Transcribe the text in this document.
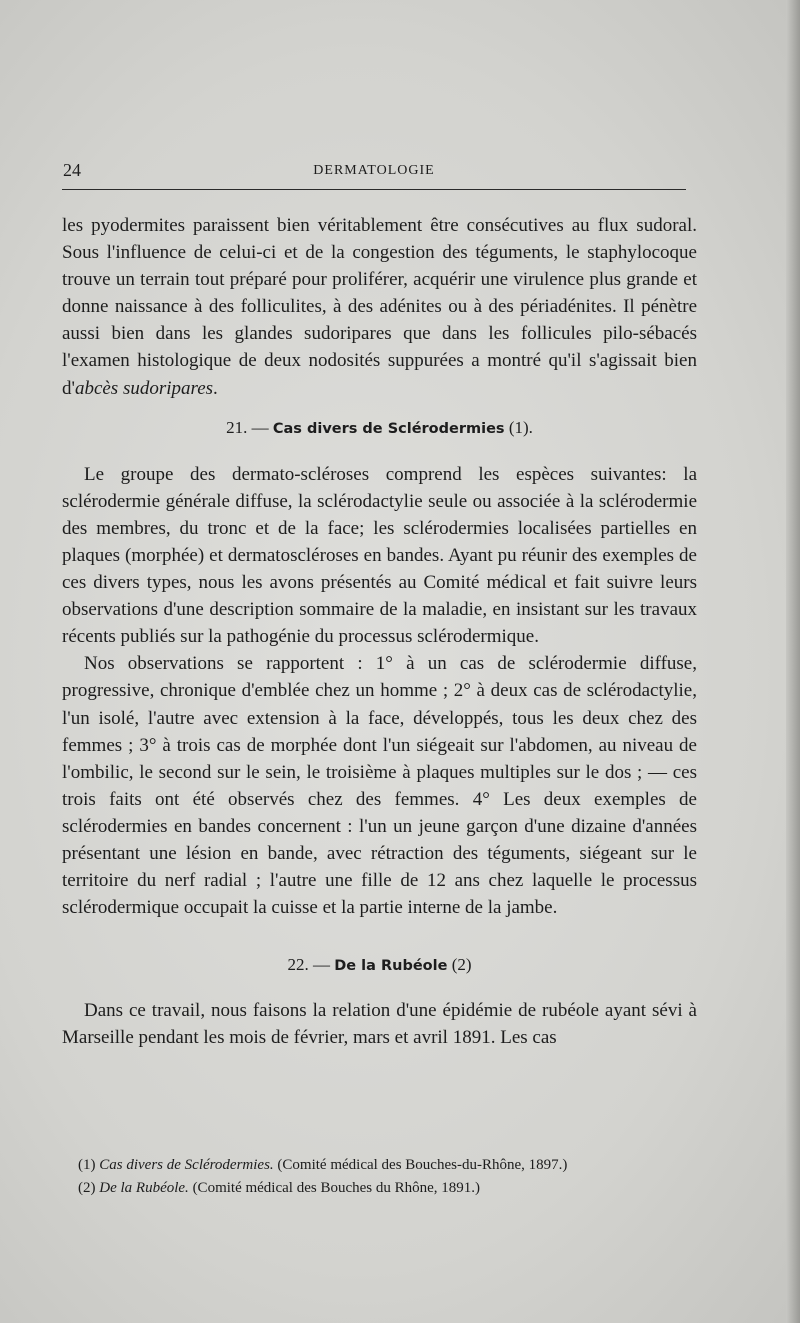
24	DERMATOLOGIE

les pyodermites paraissent bien véritablement être consécutives au flux sudoral. Sous l'influence de celui-ci et de la congestion des téguments, le staphylocoque trouve un terrain tout préparé pour proliférer, acquérir une virulence plus grande et donne naissance à des folliculites, à des adénites ou à des périadénites. Il pénètre aussi bien dans les glandes sudoripares que dans les follicules pilo-sébacés l'examen histologique de deux nodosités suppurées a montré qu'il s'agissait bien d'abcès sudoripares.

21. — Cas divers de Sclérodermies (1).

Le groupe des dermato-scléroses comprend les espèces suivantes: la sclérodermie générale diffuse, la sclérodactylie seule ou associée à la sclérodermie des membres, du tronc et de la face; les sclérodermies localisées partielles en plaques (morphée) et dermatoscléroses en bandes. Ayant pu réunir des exemples de ces divers types, nous les avons présentés au Comité médical et fait suivre leurs observations d'une description sommaire de la maladie, en insistant sur les travaux récents publiés sur la pathogénie du processus sclérodermique.

Nos observations se rapportent : 1° à un cas de sclérodermie diffuse, progressive, chronique d'emblée chez un homme ; 2° à deux cas de sclérodactylie, l'un isolé, l'autre avec extension à la face, développés, tous les deux chez des femmes ; 3° à trois cas de morphée dont l'un siégeait sur l'abdomen, au niveau de l'ombilic, le second sur le sein, le troisième à plaques multiples sur le dos ; — ces trois faits ont été observés chez des femmes. 4° Les deux exemples de sclérodermies en bandes concernent : l'un un jeune garçon d'une dizaine d'années présentant une lésion en bande, avec rétraction des téguments, siégeant sur le territoire du nerf radial ; l'autre une fille de 12 ans chez laquelle le processus sclérodermique occupait la cuisse et la partie interne de la jambe.

22. — De la Rubéole (2)

Dans ce travail, nous faisons la relation d'une épidémie de rubéole ayant sévi à Marseille pendant les mois de février, mars et avril 1891. Les cas

(1) Cas divers de Sclérodermies. (Comité médical des Bouches-du-Rhône, 1897.)
(2) De la Rubéole. (Comité médical des Bouches du Rhône, 1891.)
